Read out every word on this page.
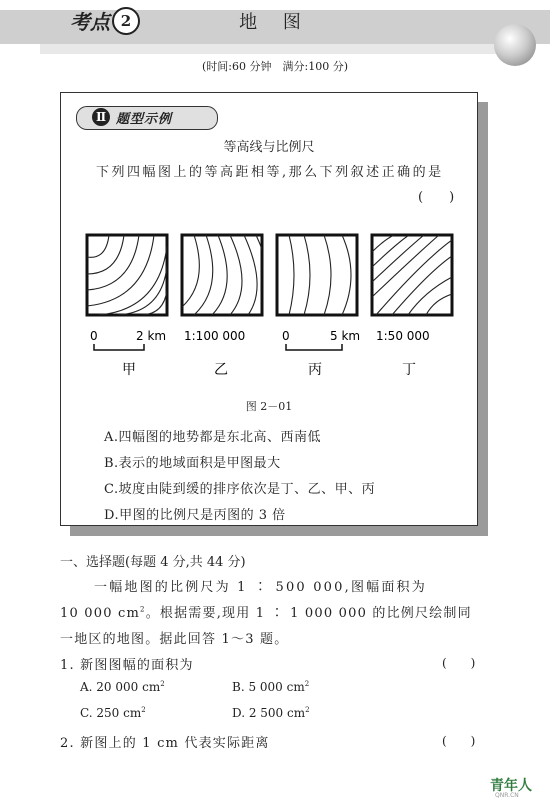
考点 2	地 图
(时间:60 分钟　满分:100 分)
Ⅱ 题型示例
等高线与比例尺
下列四幅图上的等高距相等,那么下列叙述正确的是
(　　)
0	2 km 1:100 000	0	5 km 1:50 000
甲	乙	丙	丁
图 2－01
A.四幅图的地势都是东北高、西南低
B.表示的地域面积是甲图最大
C.坡度由陡到缓的排序依次是丁、乙、甲、丙
D.甲图的比例尺是丙图的 3 倍
一、选择题(每题 4 分,共 44 分)
一幅地图的比例尺为 1 ∶ 500 000,图幅面积为
10 000 $cm^2$。根据需要,现用 1 ∶ 1 000 000 的比例尺绘制同
一地区的地图。据此回答 1～3 题。
1. 新图图幅的面积为	(　　)
A. 20 000 $cm^2$	B. 5 000 $cm^2$
C. 250 $cm^2$	D. 2 500 $cm^2$
2. 新图上的 1 cm 代表实际距离	(　　)
青年人
QNR.CN
